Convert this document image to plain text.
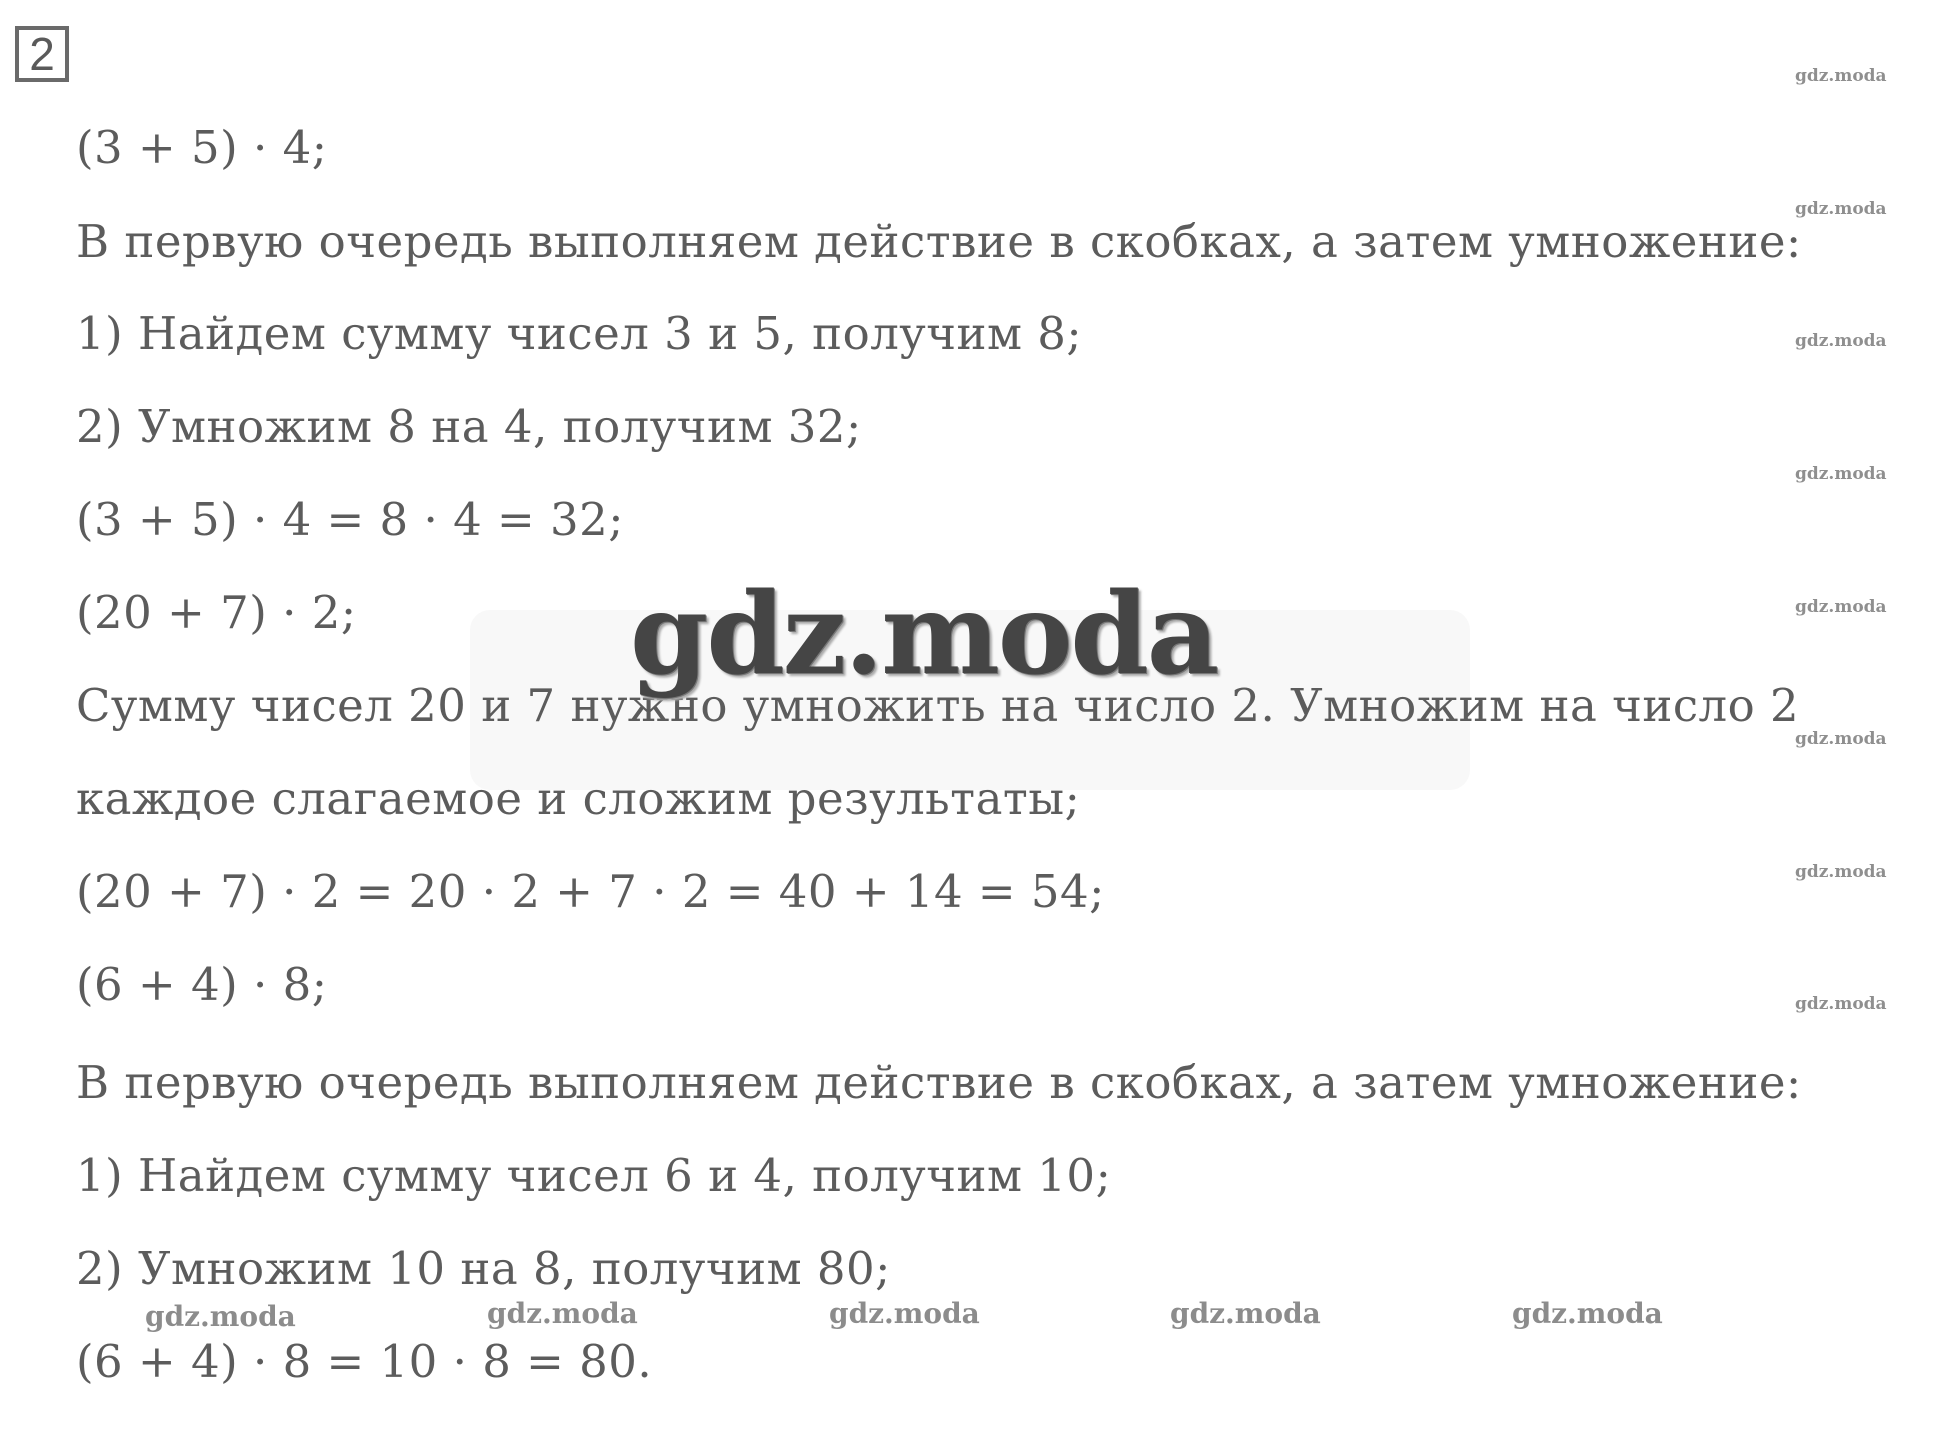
2
(3 + 5) · 4;
В первую очередь выполняем действие в скобках, а затем умножение:
1) Найдем сумму чисел 3 и 5, получим 8;
2) Умножим 8 на 4, получим 32;
(3 + 5) · 4 = 8 · 4 = 32;
(20 + 7) · 2;
Сумму чисел 20 и 7 нужно умножить на число 2. Умножим на число 2
каждое слагаемое и сложим результаты;
(20 + 7) · 2 = 20 · 2 + 7 · 2 = 40 + 14 = 54;
(6 + 4) · 8;
В первую очередь выполняем действие в скобках, а затем умножение:
1) Найдем сумму чисел 6 и 4, получим 10;
2) Умножим 10 на 8, получим 80;
(6 + 4) · 8 = 10 · 8 = 80.
gdz.moda
gdz.moda
gdz.moda
gdz.moda
gdz.moda
gdz.moda
gdz.moda
gdz.moda
gdz.moda
gdz.moda	gdz.moda	gdz.moda	gdz.moda	gdz.moda
